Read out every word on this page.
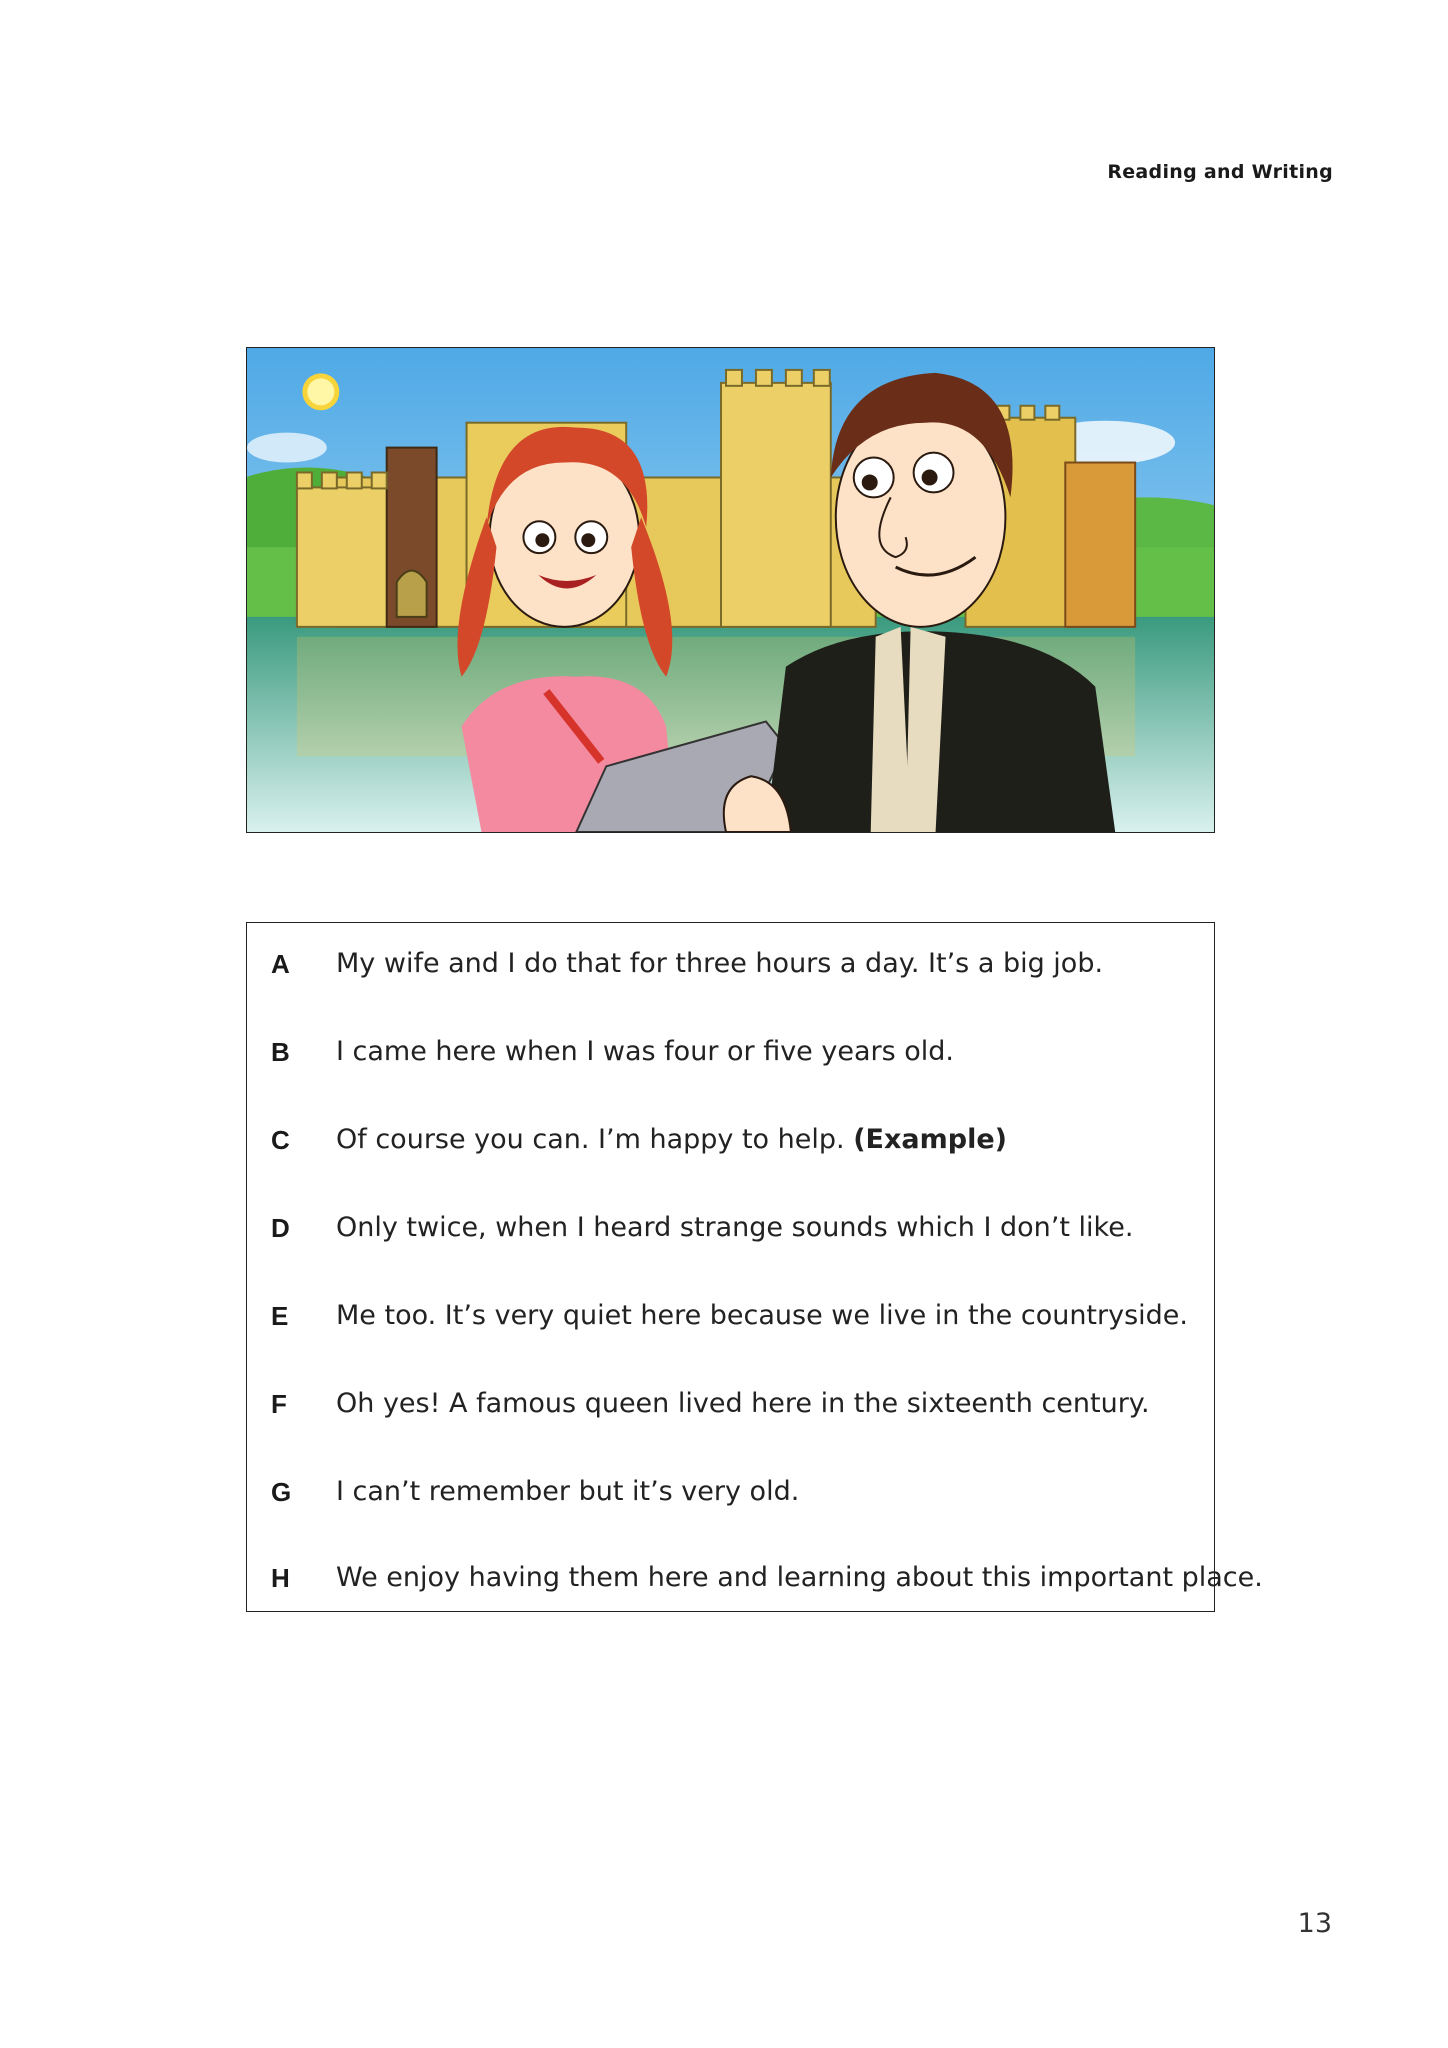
Reading and Writing
A My wife and I do that for three hours a day. It’s a big job.
B I came here when I was four or five years old.
C Of course you can. I’m happy to help. (Example)
D Only twice, when I heard strange sounds which I don’t like.
E Me too. It’s very quiet here because we live in the countryside.
F Oh yes! A famous queen lived here in the sixteenth century.
G I can’t remember but it’s very old.
H We enjoy having them here and learning about this important place.
13
